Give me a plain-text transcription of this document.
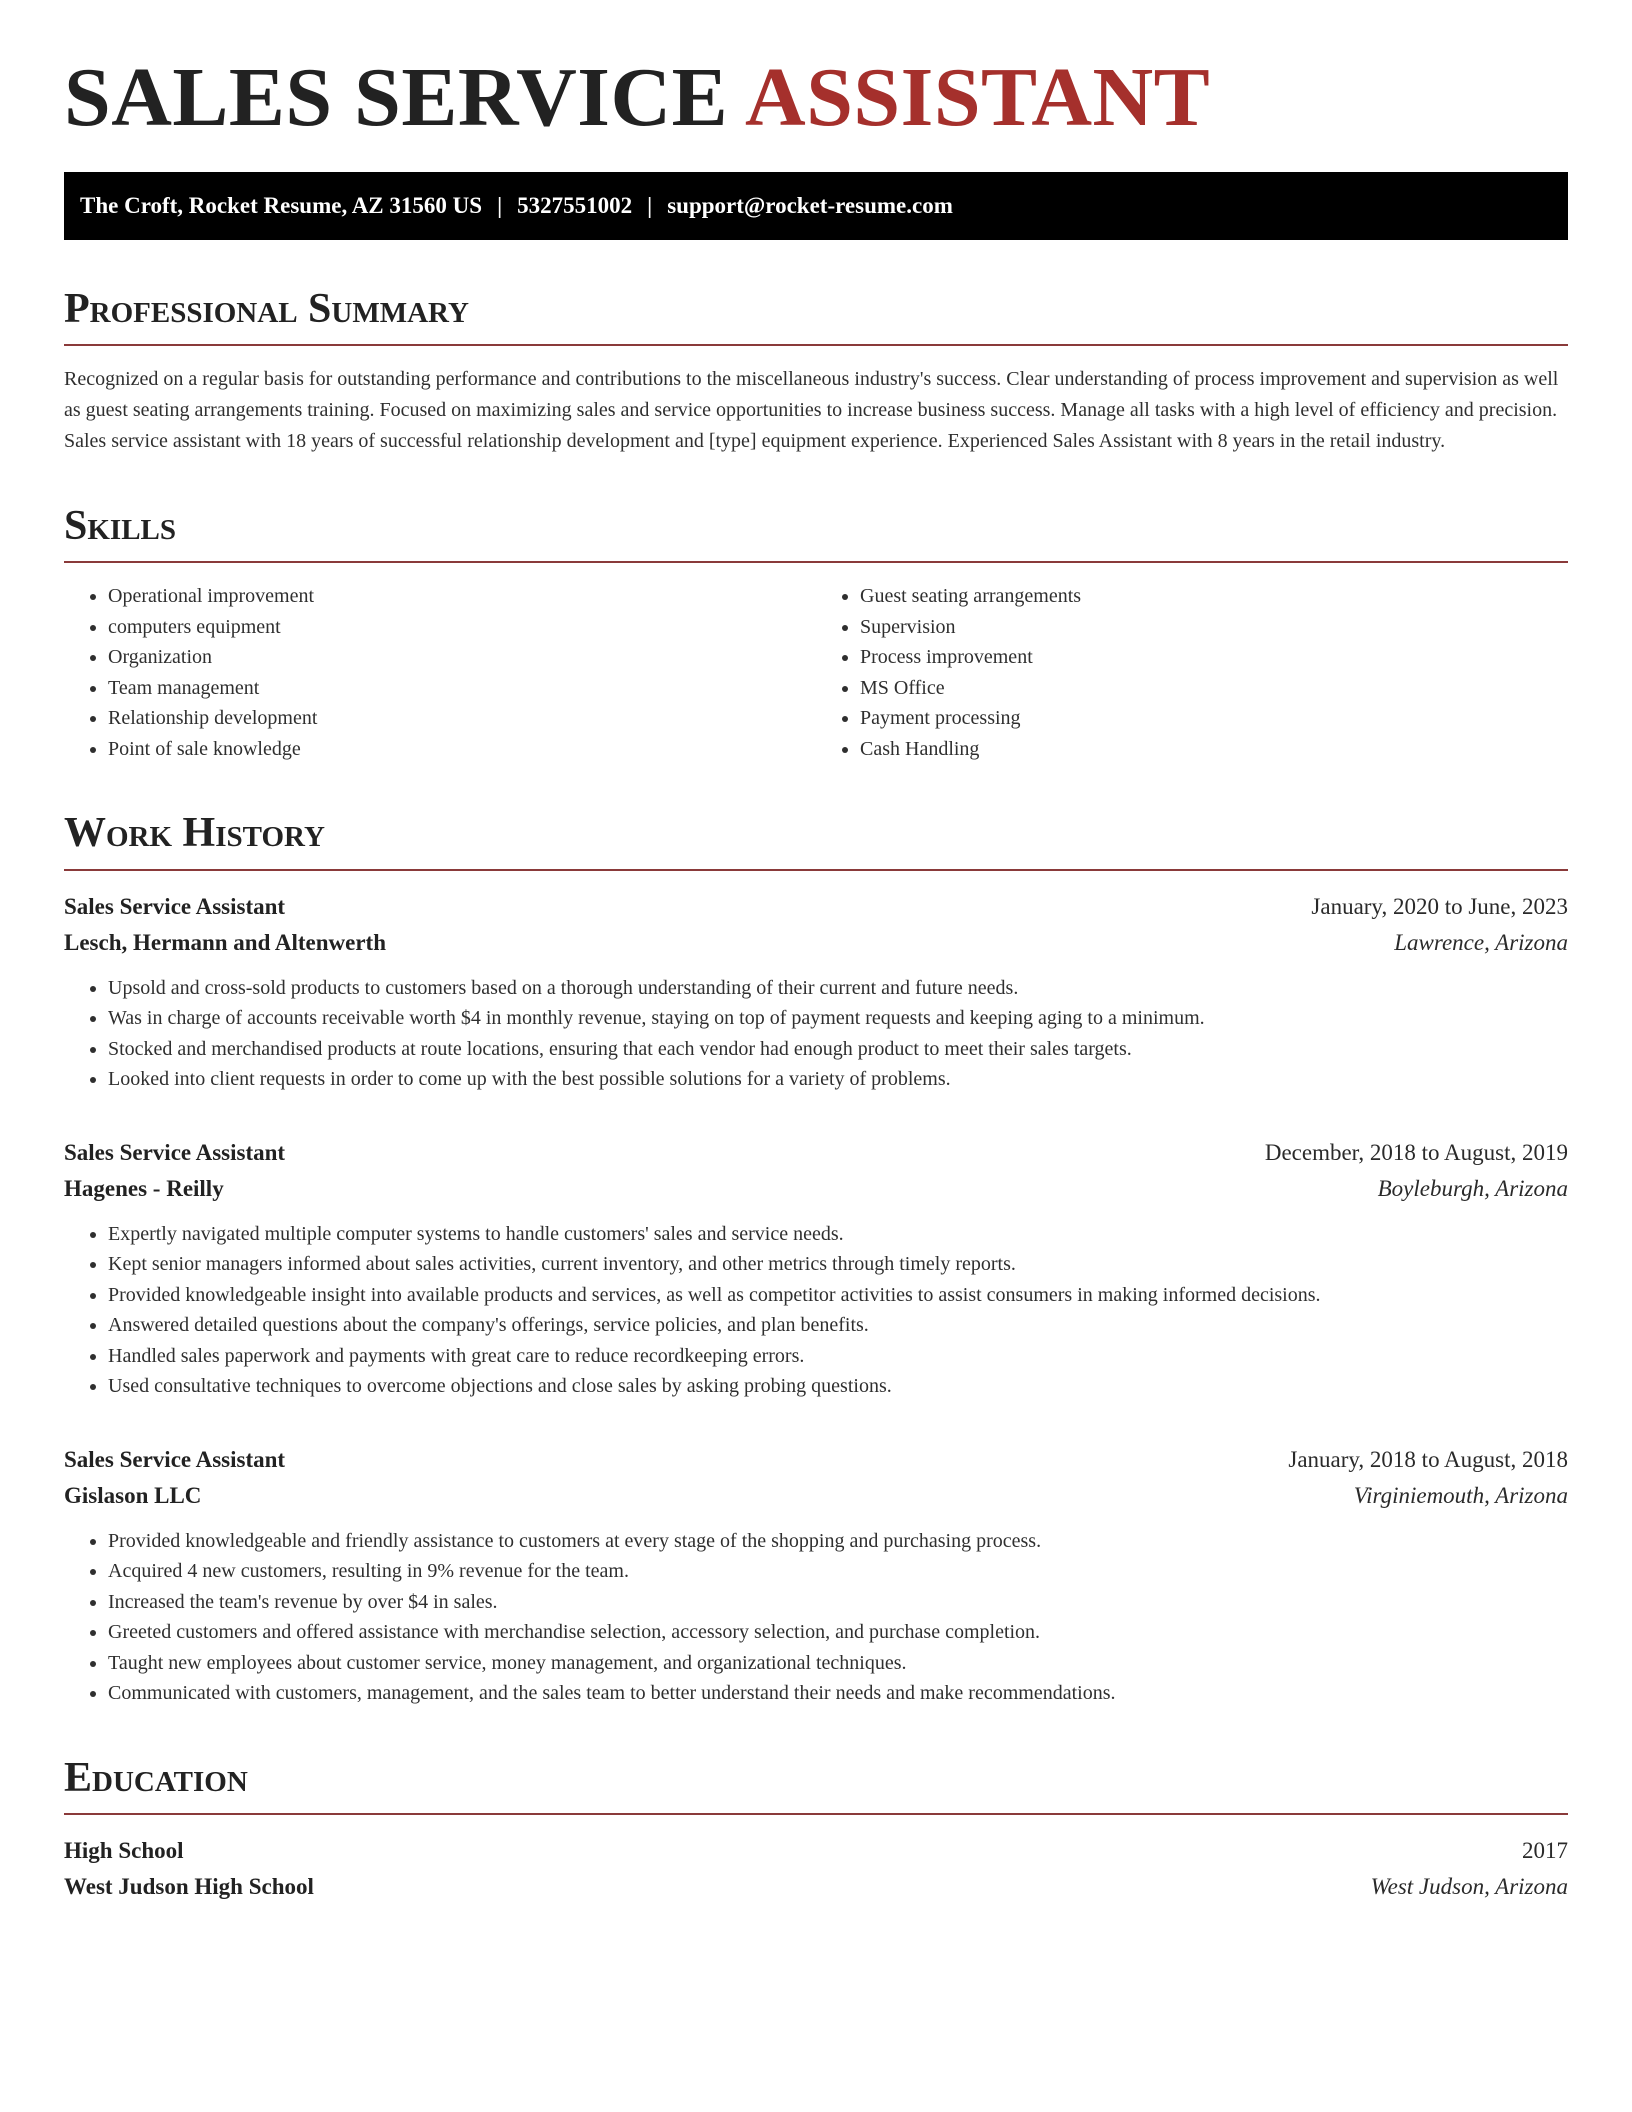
SALES SERVICE ASSISTANT
The Croft, Rocket Resume, AZ 31560 US | 5327551002 | support@rocket-resume.com
Professional Summary

Recognized on a regular basis for outstanding performance and contributions to the miscellaneous industry's success. Clear understanding of process improvement and supervision as well as guest seating arrangements training. Focused on maximizing sales and service opportunities to increase business success. Manage all tasks with a high level of efficiency and precision. Sales service assistant with 18 years of successful relationship development and [type] equipment experience. Experienced Sales Assistant with 8 years in the retail industry.

Skills
• Operational improvement
• computers equipment
• Organization
• Team management
• Relationship development
• Point of sale knowledge
• Guest seating arrangements
• Supervision
• Process improvement
• MS Office
• Payment processing
• Cash Handling
Work History
Sales Service Assistant	January, 2020 to June, 2023
Lesch, Hermann and Altenwerth	Lawrence, Arizona
• Upsold and cross-sold products to customers based on a thorough understanding of their current and future needs.
• Was in charge of accounts receivable worth $4 in monthly revenue, staying on top of payment requests and keeping aging to a minimum.
• Stocked and merchandised products at route locations, ensuring that each vendor had enough product to meet their sales targets.
• Looked into client requests in order to come up with the best possible solutions for a variety of problems.
Sales Service Assistant	December, 2018 to August, 2019
Hagenes - Reilly	Boyleburgh, Arizona
• Expertly navigated multiple computer systems to handle customers' sales and service needs.
• Kept senior managers informed about sales activities, current inventory, and other metrics through timely reports.
• Provided knowledgeable insight into available products and services, as well as competitor activities to assist consumers in making informed decisions.
• Answered detailed questions about the company's offerings, service policies, and plan benefits.
• Handled sales paperwork and payments with great care to reduce recordkeeping errors.
• Used consultative techniques to overcome objections and close sales by asking probing questions.
Sales Service Assistant	January, 2018 to August, 2018
Gislason LLC	Virginiemouth, Arizona
• Provided knowledgeable and friendly assistance to customers at every stage of the shopping and purchasing process.
• Acquired 4 new customers, resulting in 9% revenue for the team.
• Increased the team's revenue by over $4 in sales.
• Greeted customers and offered assistance with merchandise selection, accessory selection, and purchase completion.
• Taught new employees about customer service, money management, and organizational techniques.
• Communicated with customers, management, and the sales team to better understand their needs and make recommendations.
Education
High School	2017
West Judson High School	West Judson, Arizona
